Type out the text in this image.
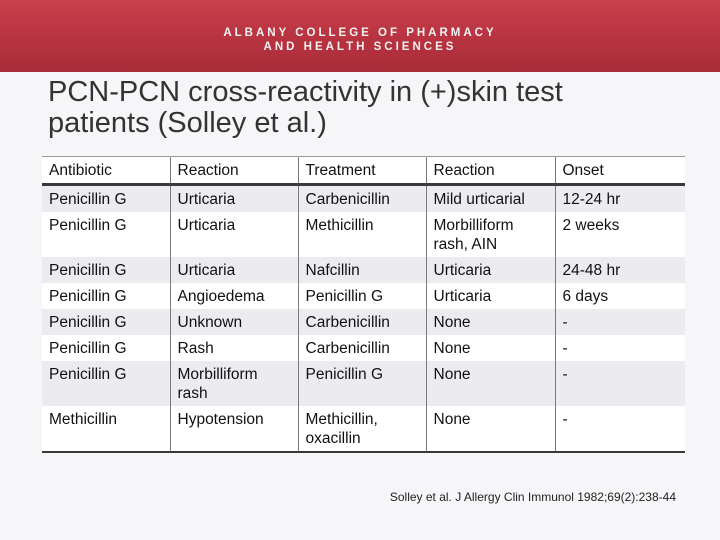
ALBANY COLLEGE OF PHARMACY
AND HEALTH SCIENCES
PCN-PCN cross-reactivity in (+)skin test
patients (Solley et al.)
Antibiotic	Reaction	Treatment	Reaction	Onset
Penicillin G	Urticaria	Carbenicillin	Mild urticarial	12-24 hr
Penicillin G	Urticaria	Methicillin	Morbilliform rash, AIN	2 weeks
Penicillin G	Urticaria	Nafcillin	Urticaria	24-48 hr
Penicillin G	Angioedema	Penicillin G	Urticaria	6 days
Penicillin G	Unknown	Carbenicillin	None	-
Penicillin G	Rash	Carbenicillin	None	-
Penicillin G	Morbilliform rash	Penicillin G	None	-
Methicillin	Hypotension	Methicillin, oxacillin	None	-
Solley et al. J Allergy Clin Immunol 1982;69(2):238-44
